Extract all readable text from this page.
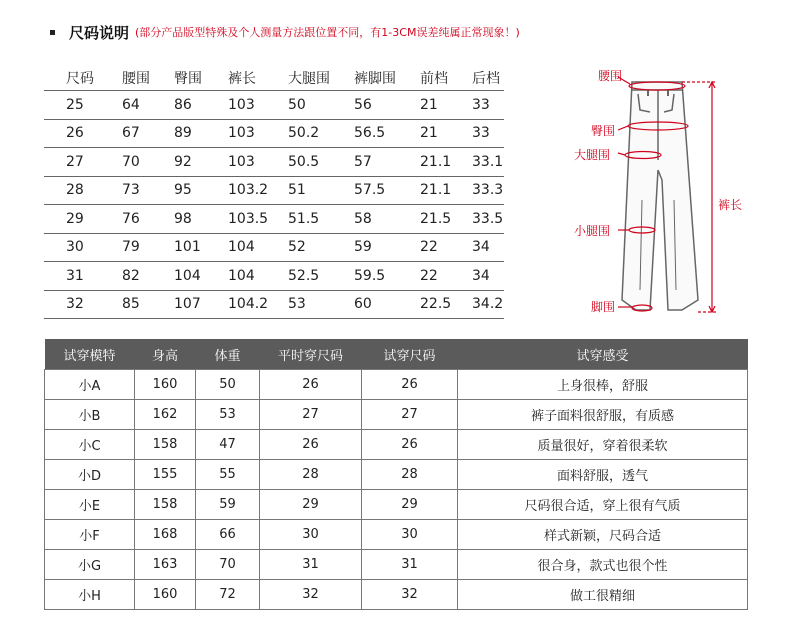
尺码说明 (部分产品版型特殊及个人测量方法跟位置不同，有1-3CM误差纯属正常现象！)
尺码	腰围	臀围	裤长	大腿围	裤脚围	前档	后档
25	64	86	103	50	56	21	33
26	67	89	103	50.2	56.5	21	33
27	70	92	103	50.5	57	21.1	33.1
28	73	95	103.2	51	57.5	21.1	33.3
29	76	98	103.5	51.5	58	21.5	33.5
30	79	101	104	52	59	22	34
31	82	104	104	52.5	59.5	22	34
32	85	107	104.2	53	60	22.5	34.2
腰围
臀围
大腿围
小腿围
脚围
裤长
试穿模特	身高	体重	平时穿尺码	试穿尺码	试穿感受
小A	160	50	26	26	上身很棒，舒服
小B	162	53	27	27	裤子面料很舒服，有质感
小C	158	47	26	26	质量很好，穿着很柔软
小D	155	55	28	28	面料舒服，透气
小E	158	59	29	29	尺码很合适，穿上很有气质
小F	168	66	30	30	样式新颖，尺码合适
小G	163	70	31	31	很合身，款式也很个性
小H	160	72	32	32	做工很精细
